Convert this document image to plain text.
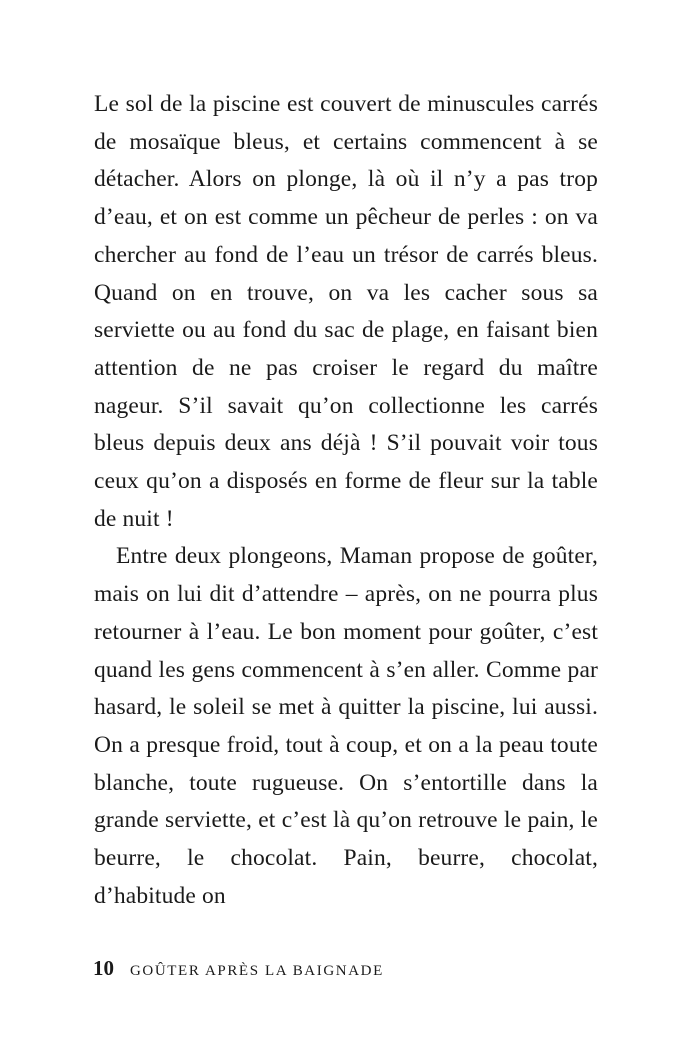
Le sol de la piscine est couvert de minuscules carrés de mosaïque bleus, et certains commencent à se détacher. Alors on plonge, là où il n’y a pas trop d’eau, et on est comme un pêcheur de perles : on va chercher au fond de l’eau un trésor de carrés bleus. Quand on en trouve, on va les cacher sous sa serviette ou au fond du sac de plage, en faisant bien attention de ne pas croiser le regard du maître nageur. S’il savait qu’on collectionne les carrés bleus depuis deux ans déjà ! S’il pouvait voir tous ceux qu’on a disposés en forme de fleur sur la table de nuit !

Entre deux plongeons, Maman propose de goûter, mais on lui dit d’attendre – après, on ne pourra plus retourner à l’eau. Le bon moment pour goûter, c’est quand les gens commencent à s’en aller. Comme par hasard, le soleil se met à quitter la piscine, lui aussi. On a presque froid, tout à coup, et on a la peau toute blanche, toute rugueuse. On s’entortille dans la grande serviette, et c’est là qu’on retrouve le pain, le beurre, le chocolat. Pain, beurre, chocolat, d’habitude on

10 GOÛTER APRÈS LA BAIGNADE
